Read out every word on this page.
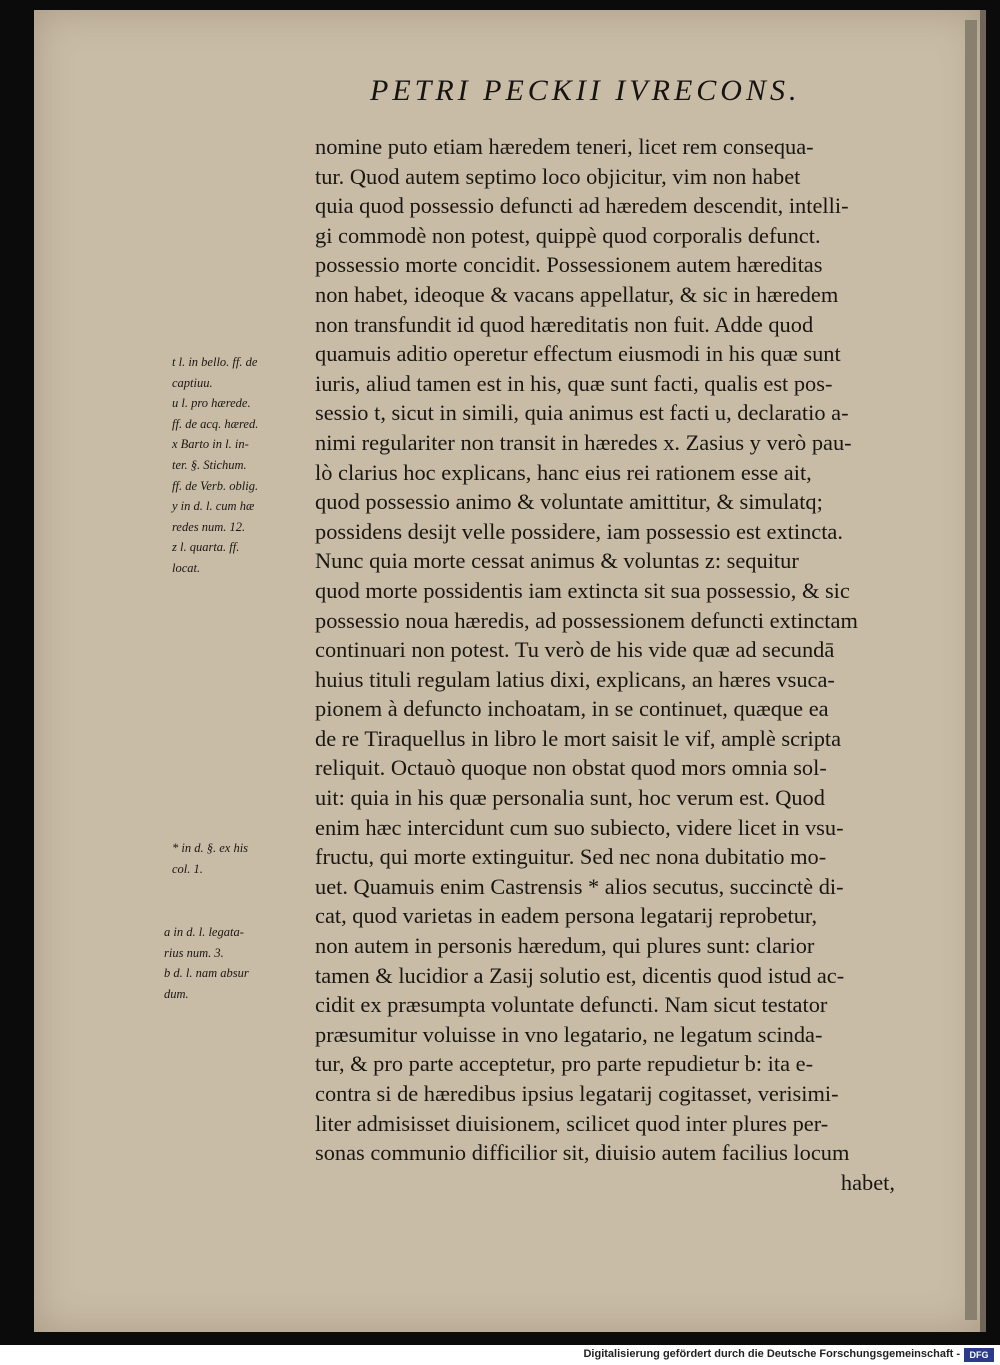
PETRI PECKII IVRECONS.
t l. in bello. ff. de
captiuu.
u l. pro hærede.
ff. de acq. hæred.
x Barto in l. in-
ter. §. Stichum.
ff. de Verb. oblig.
y in d. l. cum hæ
redes num. 12.
z l. quarta. ff.
locat.
* in d. §. ex his
col. 1.
a in d. l. legata-
rius num. 3.
b d. l. nam absur
dum.
nomine puto etiam hæredem teneri, licet rem consequa-
tur. Quod autem septimo loco objicitur, vim non habet
quia quod possessio defuncti ad hæredem descendit, intelli-
gi commodè non potest, quippè quod corporalis defunct.
possessio morte concidit. Possessionem autem hæreditas
non habet, ideoque & vacans appellatur, & sic in hæredem
non transfundit id quod hæreditatis non fuit. Adde quod
quamuis aditio operetur effectum eiusmodi in his quæ sunt
iuris, aliud tamen est in his, quæ sunt facti, qualis est pos-
sessio t, sicut in simili, quia animus est facti u, declaratio a-
nimi regulariter non transit in hæredes x. Zasius y verò pau-
lò clarius hoc explicans, hanc eius rei rationem esse ait,
quod possessio animo & voluntate amittitur, & simulatq;
possidens desijt velle possidere, iam possessio est extincta.
Nunc quia morte cessat animus & voluntas z: sequitur
quod morte possidentis iam extincta sit sua possessio, & sic
possessio noua hæredis, ad possessionem defuncti extinctam
continuari non potest. Tu verò de his vide quæ ad secundā
huius tituli regulam latius dixi, explicans, an hæres vsuca-
pionem à defuncto inchoatam, in se continuet, quæque ea
de re Tiraquellus in libro le mort saisit le vif, amplè scripta
reliquit. Octauò quoque non obstat quod mors omnia sol-
uit: quia in his quæ personalia sunt, hoc verum est. Quod
enim hæc intercidunt cum suo subiecto, videre licet in vsu-
fructu, qui morte extinguitur. Sed nec nona dubitatio mo-
uet. Quamuis enim Castrensis * alios secutus, succinctè di-
cat, quod varietas in eadem persona legatarij reprobetur,
non autem in personis hæredum, qui plures sunt: clarior
tamen & lucidior a Zasij solutio est, dicentis quod istud ac-
cidit ex præsumpta voluntate defuncti. Nam sicut testator
præsumitur voluisse in vno legatario, ne legatum scinda-
tur, & pro parte acceptetur, pro parte repudietur b: ita e-
contra si de hæredibus ipsius legatarij cogitasset, verisimi-
liter admisisset diuisionem, scilicet quod inter plures per-
sonas communio difficilior sit, diuisio autem facilius locum
habet,
Digitalisierung gefördert durch die Deutsche Forschungsgemeinschaft -	DFG
